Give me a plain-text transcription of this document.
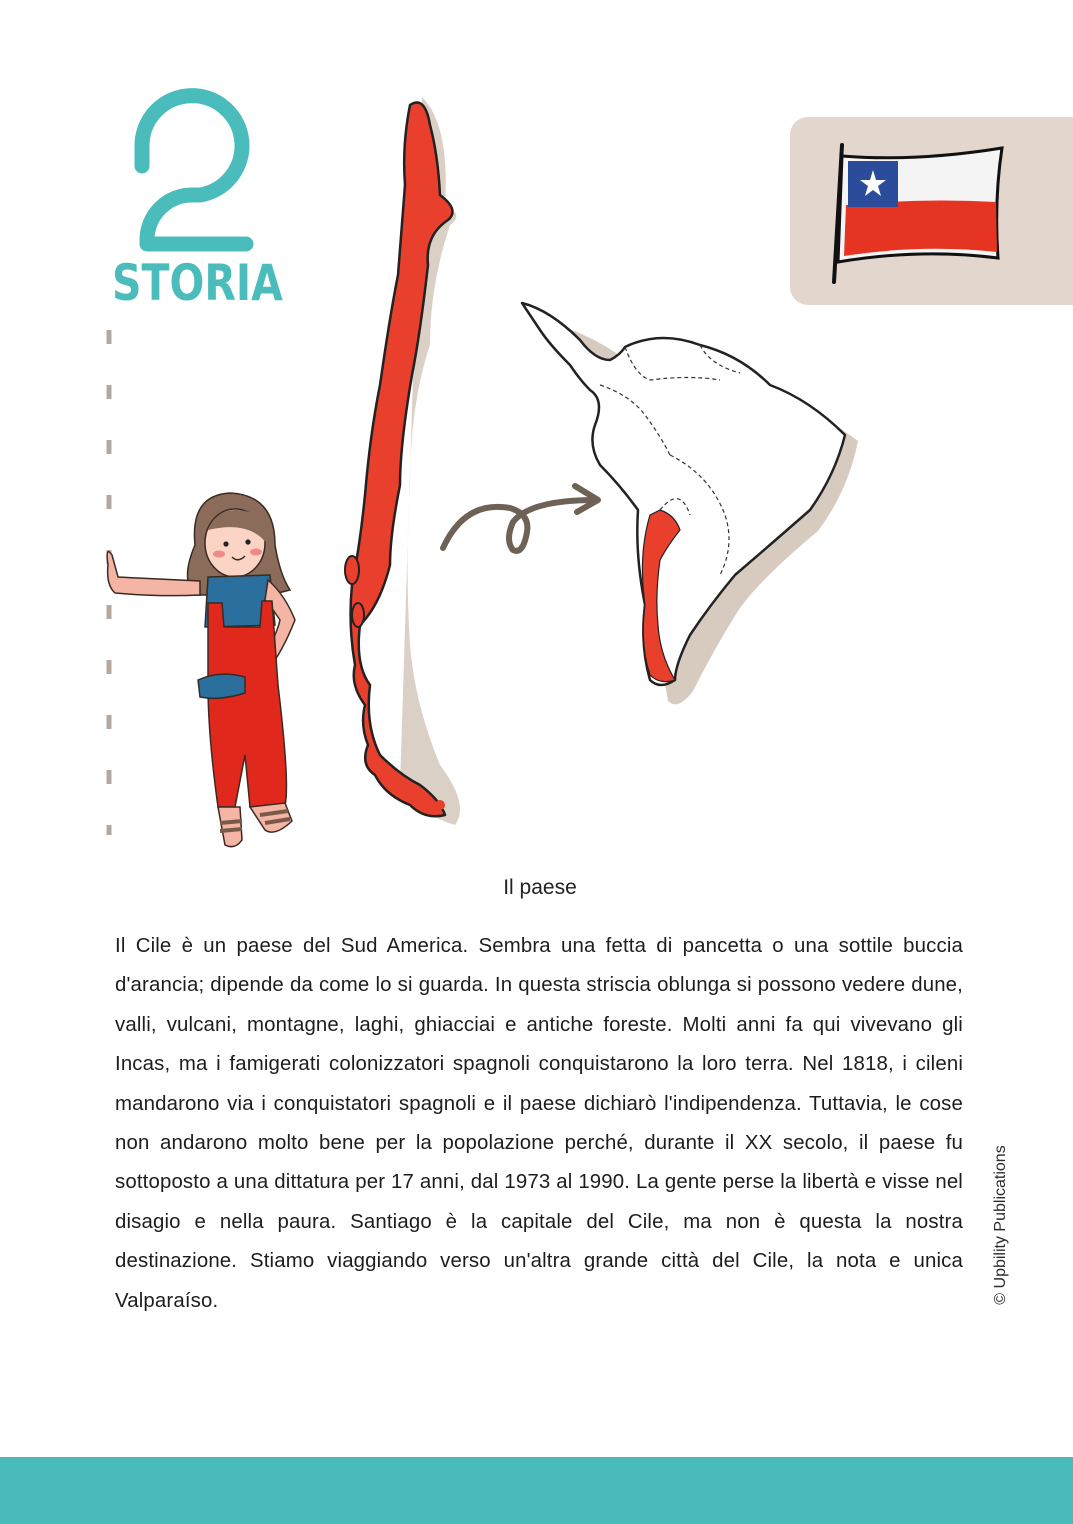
STORIA
Il paese

Il Cile è un paese del Sud America. Sembra una fetta di pancetta o una sottile buccia d'arancia; dipende da come lo si guarda. In questa striscia oblunga si possono vedere dune, valli, vulcani, montagne, laghi, ghiacciai e antiche foreste. Molti anni fa qui vivevano gli Incas, ma i famigerati colonizzatori spagnoli conquistarono la loro terra. Nel 1818, i cileni mandarono via i conquistatori spagnoli e il paese dichiarò l'indipendenza. Tuttavia, le cose non andarono molto bene per la popolazione perché, durante il XX secolo, il paese fu sottoposto a una dittatura per 17 anni, dal 1973 al 1990. La gente perse la libertà e visse nel disagio e nella paura. Santiago è la capitale del Cile, ma non è questa la nostra destinazione. Stiamo viaggiando verso un'altra grande città del Cile, la nota e unica Valparaíso.	© Upbility Publications
